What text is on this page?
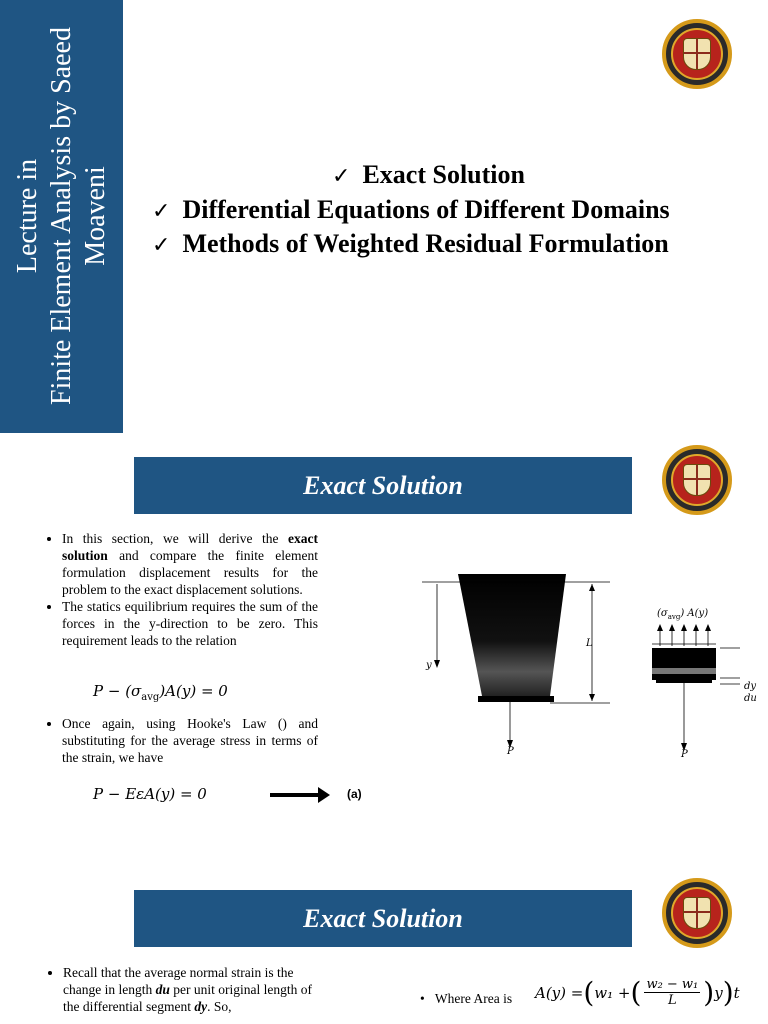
Lecture in Finite Element Analysis by Saeed Moaveni	✓ Exact Solution
✓ Differential Equations of Different Domains
✓ Methods of Weighted Residual Formulation
Exact Solution
• In this section, we will derive the exact solution and compare the finite element formulation displacement results for the problem to the exact displacement solutions.
• The statics equilibrium requires the sum of the forces in the y-direction to be zero. This requirement leads to the relation
$P - (\sigma_{avg})A(y) = 0$
• Once again, using Hooke's Law () and substituting for the average stress in terms of the strain, we have
P − EεA(y) = 0	(a)
L
y
P	P
$(\sigma_{avg})$ A(y)
dy
du
Exact Solution
• Recall that the average normal strain is the change in length du per unit original length of the differential segment dy. So,
•   Where Area is A(y) = ( w₁ + ( $\frac{\text{w₂ − w₁}}{L}$ ) y ) t
